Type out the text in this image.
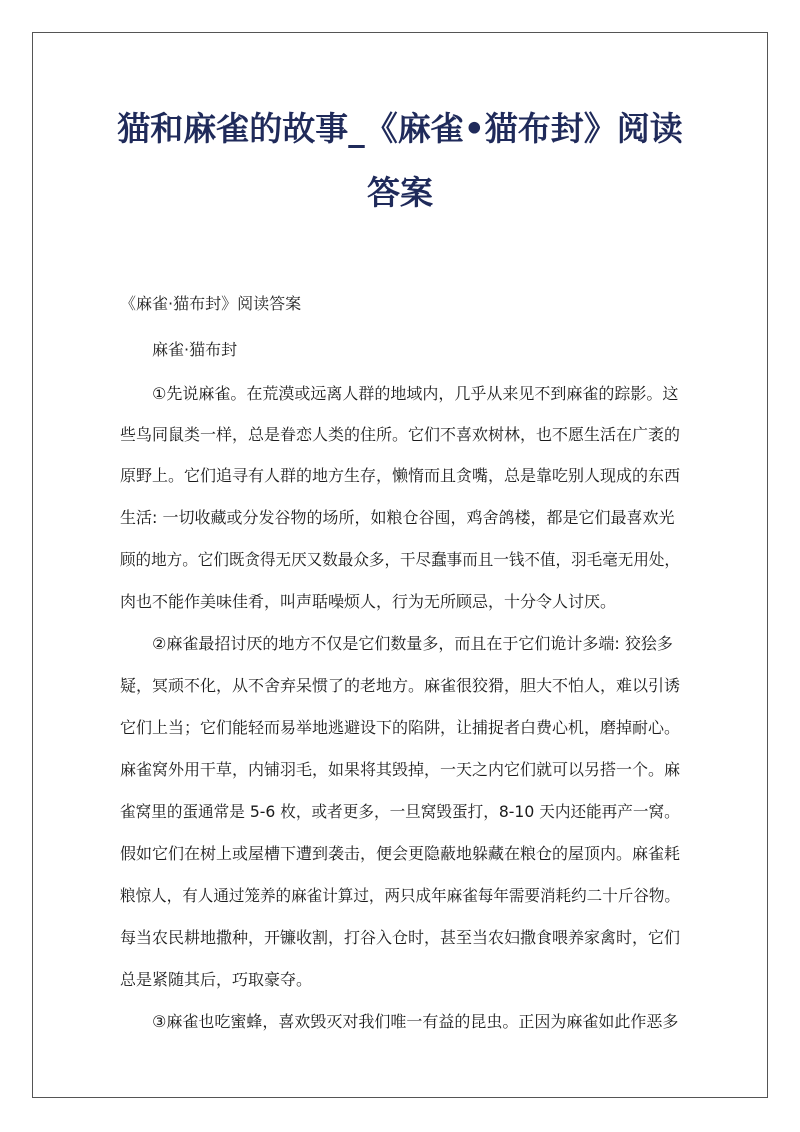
猫和麻雀的故事_《麻雀•猫布封》阅读
答案
《麻雀·猫布封》阅读答案
麻雀·猫布封
　　①先说麻雀。在荒漠或远离人群的地域内，几乎从来见不到麻雀的踪影。这
些鸟同鼠类一样，总是眷恋人类的住所。它们不喜欢树林，也不愿生活在广袤的
原野上。它们追寻有人群的地方生存，懒惰而且贪嘴，总是靠吃别人现成的东西
生活: 一切收藏或分发谷物的场所，如粮仓谷囤，鸡舍鸽楼，都是它们最喜欢光
顾的地方。它们既贪得无厌又数最众多，干尽蠢事而且一钱不值，羽毛毫无用处，
肉也不能作美味佳肴，叫声聒噪烦人，行为无所顾忌，十分令人讨厌。
　　②麻雀最招讨厌的地方不仅是它们数量多，而且在于它们诡计多端: 狡狯多
疑，冥顽不化，从不舍弃呆惯了的老地方。麻雀很狡猾，胆大不怕人，难以引诱
它们上当；它们能轻而易举地逃避设下的陷阱，让捕捉者白费心机，磨掉耐心。
麻雀窝外用干草，内铺羽毛，如果将其毁掉，一天之内它们就可以另搭一个。麻
雀窝里的蛋通常是 5-6 枚，或者更多，一旦窝毁蛋打，8-10 天内还能再产一窝。
假如它们在树上或屋槽下遭到袭击，便会更隐蔽地躲藏在粮仓的屋顶内。麻雀耗
粮惊人，有人通过笼养的麻雀计算过，两只成年麻雀每年需要消耗约二十斤谷物。
每当农民耕地撒种，开镰收割，打谷入仓时，甚至当农妇撒食喂养家禽时，它们
总是紧随其后，巧取豪夺。
　　③麻雀也吃蜜蜂，喜欢毁灭对我们唯一有益的昆虫。正因为麻雀如此作恶多
